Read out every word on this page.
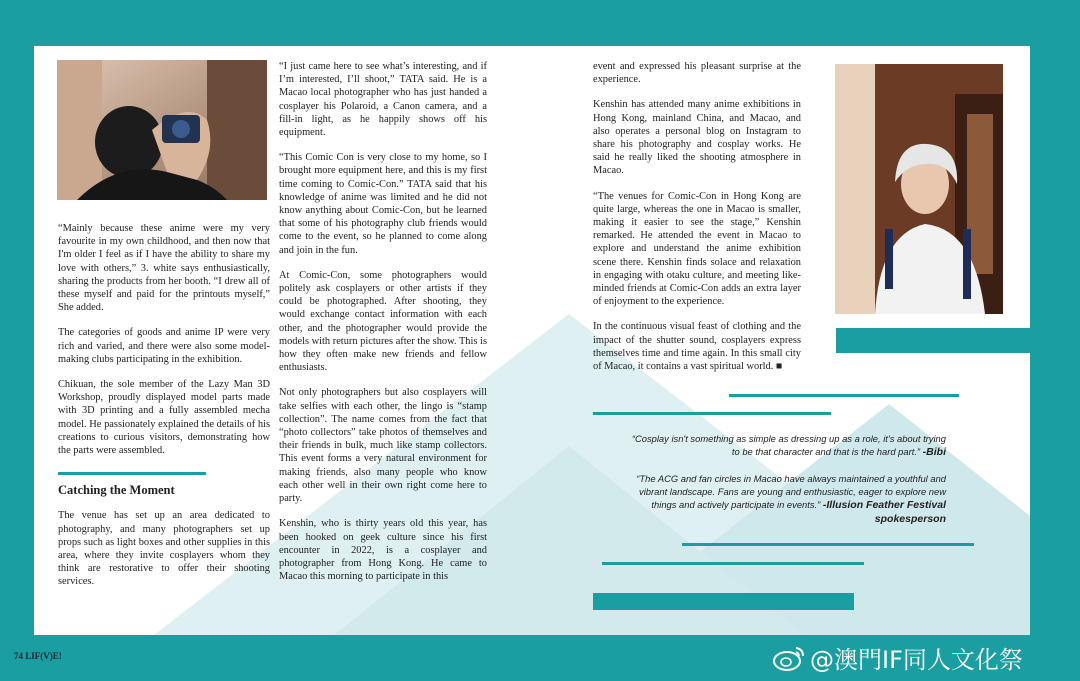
“Mainly because these anime were my very favourite in my own childhood, and then now that I'm older I feel as if I have the ability to share my love with others,” 3. white says enthusiastically, sharing the products from her booth. “I drew all of these myself and paid for the printouts myself,” She added.

The categories of goods and anime IP were very rich and varied, and there were also some model-making clubs participating in the exhibition.

Chikuan, the sole member of the Lazy Man 3D Workshop, proudly displayed model parts made with 3D printing and a fully assembled mecha model. He passionately explained the details of his creations to curious visitors, demonstrating how the parts were assembled.

Catching the Moment

The venue has set up an area dedicated to photography, and many photographers set up props such as light boxes and other supplies in this area, where they invite cosplayers whom they think are restorative to offer their shooting services.

“I just came here to see what’s interesting, and if I’m interested, I’ll shoot,” TATA said. He is a Macao local photographer who has just handed a cosplayer his Polaroid, a Canon camera, and a fill-in light, as he happily shows off his equipment.

“This Comic Con is very close to my home, so I brought more equipment here, and this is my first time coming to Comic-Con.” TATA said that his knowledge of anime was limited and he did not know anything about Comic-Con, but he learned that some of his photography club friends would come to the event, so he planned to come along and join in the fun.

At Comic-Con, some photographers would politely ask cosplayers or other artists if they could be photographed. After shooting, they would exchange contact information with each other, and the photographer would provide the models with return pictures after the show. This is how they often make new friends and fellow enthusiasts.

Not only photographers but also cosplayers will take selfies with each other, the lingo is “stamp collection”. The name comes from the fact that “photo collectors” take photos of themselves and their friends in bulk, much like stamp collectors. This event forms a very natural environment for making friends, also many people who know each other well in their own right come here to party.

Kenshin, who is thirty years old this year, has been hooked on geek culture since his first encounter in 2022, is a cosplayer and photographer from Hong Kong. He came to Macao this morning to participate in this

event and expressed his pleasant surprise at the experience.

Kenshin has attended many anime exhibitions in Hong Kong, mainland China, and Macao, and also operates a personal blog on Instagram to share his photography and cosplay works. He said he really liked the shooting atmosphere in Macao.

“The venues for Comic-Con in Hong Kong are quite large, whereas the one in Macao is smaller, making it easier to see the stage,” Kenshin remarked. He attended the event in Macao to explore and understand the anime exhibition scene there. Kenshin finds solace and relaxation in engaging with otaku culture, and meeting like-minded friends at Comic-Con adds an extra layer of enjoyment to the experience.

In the continuous visual feast of clothing and the impact of the shutter sound, cosplayers express themselves time and time again. In this small city of Macao, it contains a vast spiritual world. ■

“Cosplay isn't something as simple as dressing up as a role, it's about trying to be that character and that is the hard part.” -Bibi
“The ACG and fan circles in Macao have always maintained a youthful and vibrant landscape. Fans are young and enthusiastic, eager to explore new things and actively participate in events.” -Illusion Feather Festival spokesperson
74 LIF(V)E!	@澳門IF同人文化祭
